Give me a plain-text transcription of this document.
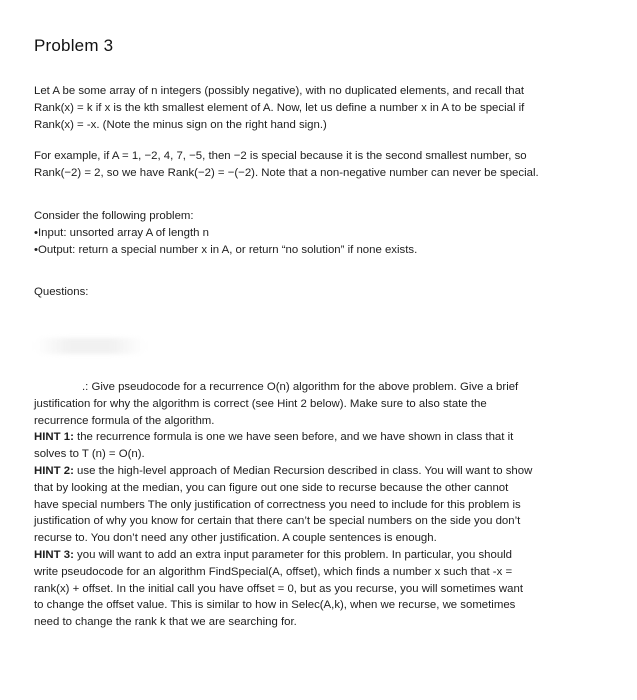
Problem 3
Let A be some array of n integers (possibly negative), with no duplicated elements, and recall that
Rank(x) = k if x is the kth smallest element of A. Now, let us define a number x in A to be special if
Rank(x) = -x. (Note the minus sign on the right hand sign.)
For example, if A = 1, −2, 4, 7, −5, then −2 is special because it is the second smallest number, so
Rank(−2) = 2, so we have Rank(−2) = −(−2). Note that a non-negative number can never be special.
Consider the following problem:
•Input: unsorted array A of length n
•Output: return a special number x in A, or return “no solution” if none exists.
Questions:
.: Give pseudocode for a recurrence O(n) algorithm for the above problem. Give a brief
justification for why the algorithm is correct (see Hint 2 below). Make sure to also state the
recurrence formula of the algorithm.
HINT 1: the recurrence formula is one we have seen before, and we have shown in class that it
solves to T (n) = O(n).
HINT 2: use the high-level approach of Median Recursion described in class. You will want to show
that by looking at the median, you can figure out one side to recurse because the other cannot
have special numbers The only justification of correctness you need to include for this problem is
justification of why you know for certain that there can’t be special numbers on the side you don’t
recurse to. You don’t need any other justification. A couple sentences is enough.
HINT 3: you will want to add an extra input parameter for this problem. In particular, you should
write pseudocode for an algorithm FindSpecial(A, offset), which finds a number x such that -x =
rank(x) + offset. In the initial call you have offset = 0, but as you recurse, you will sometimes want
to change the offset value. This is similar to how in Selec(A,k), when we recurse, we sometimes
need to change the rank k that we are searching for.
